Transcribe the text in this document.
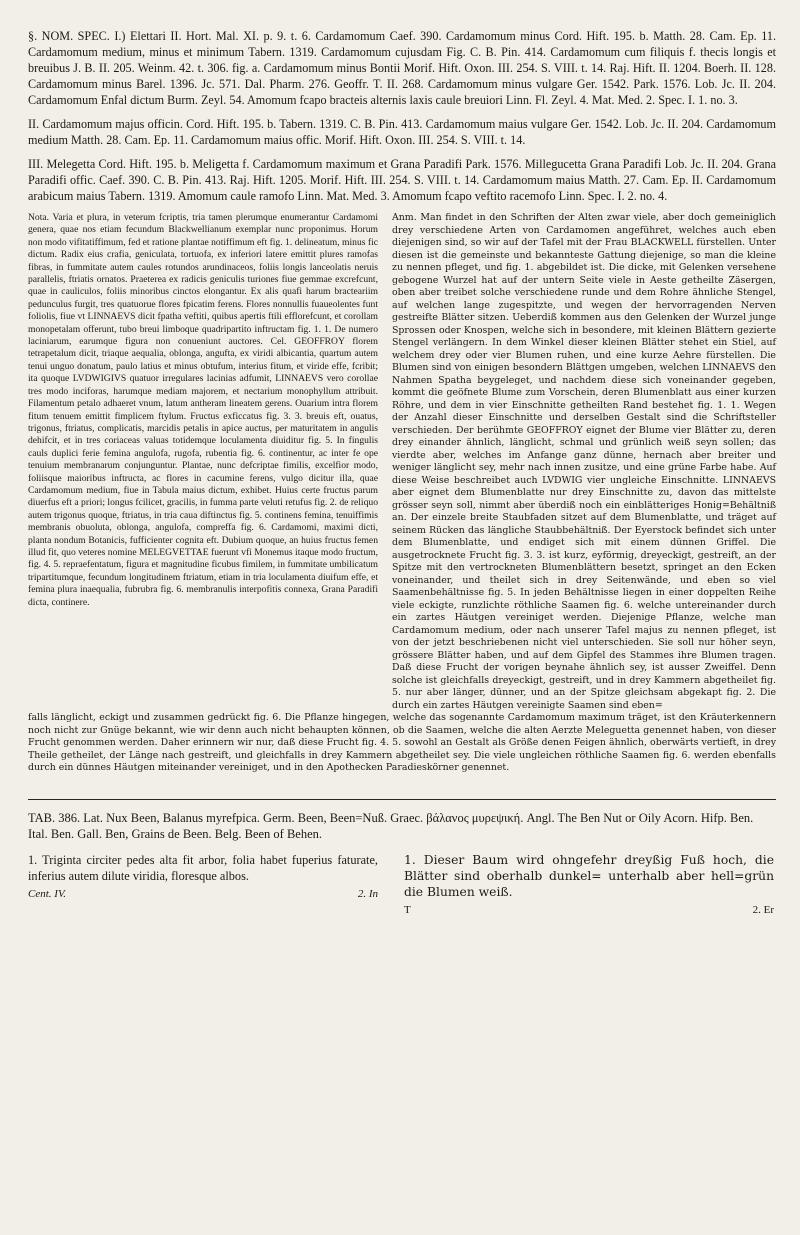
§. NOM. SPEC. I.) Elettari II. Hort. Mal. XI. p. 9. t. 6. Cardamomum Caef. 390. Cardamomum minus Cord. Hift. 195. b. Matth. 28. Cam. Ep. 11. Cardamomum medium, minus et minimum Tabern. 1319. Cardamomum cujusdam Fig. C. B. Pin. 414. Cardamomum cum filiquis f. thecis longis et breuibus J. B. II. 205. Weinm. 42. t. 306. fig. a. Cardamomum minus Bontii Morif. Hift. Oxon. III. 254. S. VIII. t. 14. Raj. Hift. II. 1204. Boerh. II. 128. Cardamomum minus Barel. 1396. Jc. 571. Dal. Pharm. 276. Geoffr. T. II. 268. Cardamomum minus vulgare Ger. 1542. Park. 1576. Lob. Jc. II. 204. Cardamomum Enfal dictum Burm. Zeyl. 54. Amomum fcapo bracteis alternis laxis caule breuiori Linn. Fl. Zeyl. 4. Mat. Med. 2. Spec. I. 1. no. 3.

II. Cardamomum majus officin. Cord. Hift. 195. b. Tabern. 1319. C. B. Pin. 413. Cardamomum maius vulgare Ger. 1542. Lob. Jc. II. 204. Cardamomum medium Matth. 28. Cam. Ep. 11. Cardamomum maius offic. Morif. Hift. Oxon. III. 254. S. VIII. t. 14.

III. Melegetta Cord. Hift. 195. b. Meligetta f. Cardamomum maximum et Grana Paradifi Park. 1576. Millegucetta Grana Paradifi Lob. Jc. II. 204. Grana Paradifi offic. Caef. 390. C. B. Pin. 413. Raj. Hift. 1205. Morif. Hift. III. 254. S. VIII. t. 14. Cardamomum maius Matth. 27. Cam. Ep. II. Cardamomum arabicum maius Tabern. 1319. Amomum caule ramofo Linn. Mat. Med. 3. Amomum fcapo veftito racemofo Linn. Spec. I. 2. no. 4.

Nota. Varia et plura, in veterum fcriptis, tria tamen plerumque enumerantur Cardamomi genera, quae nos etiam fecundum Blackwellianum exemplar nunc proponimus. Horum non modo vifitatiffimum, fed et ratione plantae notiffimum eft fig. 1. delineatum, minus fic dictum. Radix eius crafia, geniculata, tortuofa, ex inferiori latere emittit plures ramofas fibras, in fummitate autem caules rotundos arundinaceos, foliis longis lanceolatis neruis parallelis, ftriatis ornatos. Praeterea ex radicis geniculis turiones fiue gemmae excrefcunt, quae in cauliculos, foliis minoribus cinctos elongantur. Ex alis quafi harum bracteariim pedunculus furgit, tres quatuorue flores fpicatim ferens. Flores nonnullis fuaueolentes funt foliolis, fiue vt LINNAEVS dicit fpatha veftiti, quibus apertis ftili efflorefcunt, et corollam monopetalam offerunt, tubo breui limboque quadripartito inftructam fig. 1. 1. De numero laciniarum, earumque figura non conueniunt auctores. Cel. GEOFFROY florem tetrapetalum dicit, triaque aequalia, oblonga, angufta, ex viridi albicantia, quartum autem tenui unguo donatum, paulo latius et minus obtufum, interius fitum, et viride effe, fcribit; ita quoque LVDWIGIVS quatuor irregulares lacinias adfumit, LINNAEVS vero corollae tres modo inciforas, harumque mediam majorem, et nectarium monophyllum attribuit. Filamentum petalo adhaeret vnum, latum antheram lineatem gerens. Ouarium intra florem fitum tenuem emittit fimplicem ftylum. Fructus exficcatus fig. 3. 3. breuis eft, ouatus, trigonus, ftriatus, complicatis, marcidis petalis in apice auctus, per maturitatem in angulis dehifcit, et in tres coriaceas valuas totidemque loculamenta diuiditur fig. 5. In fingulis cauls duplici ferie femina angulofa, rugofa, rubentia fig. 6. continentur, ac inter fe ope tenuium membranarum conjunguntur. Plantae, nunc defcriptae fimilis, excelfior modo, foliisque maioribus inftructa, ac flores in cacumine ferens, vulgo dicitur illa, quae Cardamomum medium, fiue in Tabula maius dictum, exhibet. Huius certe fructus parum diuerfus eft a priori; longus fcilicet, gracilis, in fumma parte veluti retufus fig. 2. de reliquo autem trigonus quoque, ftriatus, in tria caua diftinctus fig. 5. continens femina, tenuiffimis membranis obuoluta, oblonga, angulofa, compreffa fig. 6. Cardamomi, maximi dicti, planta nondum Botanicis, fufficienter cognita eft. Dubium quoque, an huius fructus femen illud fit, quo veteres nomine MELEGVETTAE fuerunt vfi Monemus itaque modo fructum, fig. 4. 5. repraefentatum, figura et magnitudine ficubus fimilem, in fummitate umbilicatum tripartitumque, fecundum longitudinem ftriatum, etiam in tria loculamenta diuifum effe, et femina plura inaequalia, fubrubra fig. 6. membranulis interpofitis connexa, Grana Paradifi dicta, continere.
Anm. Man findet in den Schriften der Alten zwar viele, aber doch gemeiniglich drey verschiedene Arten von Cardamomen angeführet, welches auch eben diejenigen sind, so wir auf der Tafel mit der Frau BLACKWELL fürstellen. Unter diesen ist die gemeinste und bekannteste Gattung diejenige, so man die kleine zu nennen pfleget, und fig. 1. abgebildet ist. Die dicke, mit Gelenken versehene gebogene Wurzel hat auf der untern Seite viele in Aeste getheilte Zäsergen, oben aber treibet solche verschiedene runde und dem Rohre ähnliche Stengel, auf welchen lange zugespitzte, und wegen der hervorragenden Nerven gestreifte Blätter sitzen. Ueberdiß kommen aus den Gelenken der Wurzel junge Sprossen oder Knospen, welche sich in besondere, mit kleinen Blättern gezierte Stengel verlängern. In dem Winkel dieser kleinen Blätter stehet ein Stiel, auf welchem drey oder vier Blumen ruhen, und eine kurze Aehre fürstellen. Die Blumen sind von einigen besondern Blättgen umgeben, welchen LINNAEVS den Nahmen Spatha beygeleget, und nachdem diese sich voneinander gegeben, kommt die geöfnete Blume zum Vorschein, deren Blumenblatt aus einer kurzen Röhre, und dem in vier Einschnitte getheilten Rand bestehet fig. 1. 1. Wegen der Anzahl dieser Einschnitte und derselben Gestalt sind die Schriftsteller verschieden. Der berühmte GEOFFROY eignet der Blume vier Blätter zu, deren drey einander ähnlich, länglicht, schmal und grünlich weiß seyn sollen; das vierdte aber, welches im Anfange ganz dünne, hernach aber breiter und weniger länglicht sey, mehr nach innen zusitze, und eine grüne Farbe habe. Auf diese Weise beschreibet auch LVDWIG vier ungleiche Einschnitte. LINNAEVS aber eignet dem Blumenblatte nur drey Einschnitte zu, davon das mittelste grösser seyn soll, nimmt aber überdiß noch ein einblätteriges Honig=Behältniß an. Der einzele breite Staubfaden sitzet auf dem Blumenblatte, und träget auf seinem Rücken das längliche Staubbehältniß. Der Eyerstock befindet sich unter dem Blumenblatte, und endiget sich mit einem dünnen Griffel. Die ausgetrocknete Frucht fig. 3. 3. ist kurz, eyförmig, dreyeckigt, gestreift, an der Spitze mit den vertrockneten Blumenblättern besetzt, springet an den Ecken voneinander, und theilet sich in drey Seitenwände, und eben so viel Saamenbehältnisse fig. 5. In jeden Behältnisse liegen in einer doppelten Reihe viele eckigte, runzlichte röthliche Saamen fig. 6. welche untereinander durch ein zartes Häutgen vereiniget werden. Diejenige Pflanze, welche man Cardamomum medium, oder nach unserer Tafel majus zu nennen pfleget, ist von der jetzt beschriebenen nicht viel unterschieden. Sie soll nur höher seyn, grössere Blätter haben, und auf dem Gipfel des Stammes ihre Blumen tragen. Daß diese Frucht der vorigen beynahe ähnlich sey, ist ausser Zweiffel. Denn solche ist gleichfalls dreyeckigt, gestreift, und in drey Kammern abgetheilet fig. 5. nur aber länger, dünner, und an der Spitze gleichsam abgekapt fig. 2. Die durch ein zartes Häutgen vereinigte Saamen sind eben=
falls länglicht, eckigt und zusammen gedrückt fig. 6. Die Pflanze hingegen, welche das sogenannte Cardamomum maximum träget, ist den Kräuterkennern noch nicht zur Gnüge bekannt, wie wir denn auch nicht behaupten können, ob die Saamen, welche die alten Aerzte Meleguetta genennet haben, von dieser Frucht genommen werden. Daher erinnern wir nur, daß diese Frucht fig. 4. 5. sowohl an Gestalt als Größe denen Feigen ähnlich, oberwärts vertieft, in drey Theile getheilet, der Länge nach gestreift, und gleichfalls in drey Kammern abgetheilet sey. Die viele ungleichen röthliche Saamen fig. 6. werden ebenfalls durch ein dünnes Häutgen miteinander vereiniget, und in den Apothecken Paradieskörner genennet.
TAB. 386. Lat. Nux Been, Balanus myrefpica. Germ. Been, Been=Nuß. Graec. βάλανος μυρεψική. Angl. The Ben Nut or Oily Acorn. Hifp. Ben. Ital. Ben. Gall. Ben, Grains de Been. Belg. Been of Behen.
1. Triginta circiter pedes alta fit arbor, folia habet fuperius faturate, inferius autem dilute viridia, floresque albos.
Cent. IV.	2. In
1. Dieser Baum wird ohngefehr dreyßig Fuß hoch, die Blätter sind oberhalb dunkel= unterhalb aber hell=grün die Blumen weiß.
T	2. Er
